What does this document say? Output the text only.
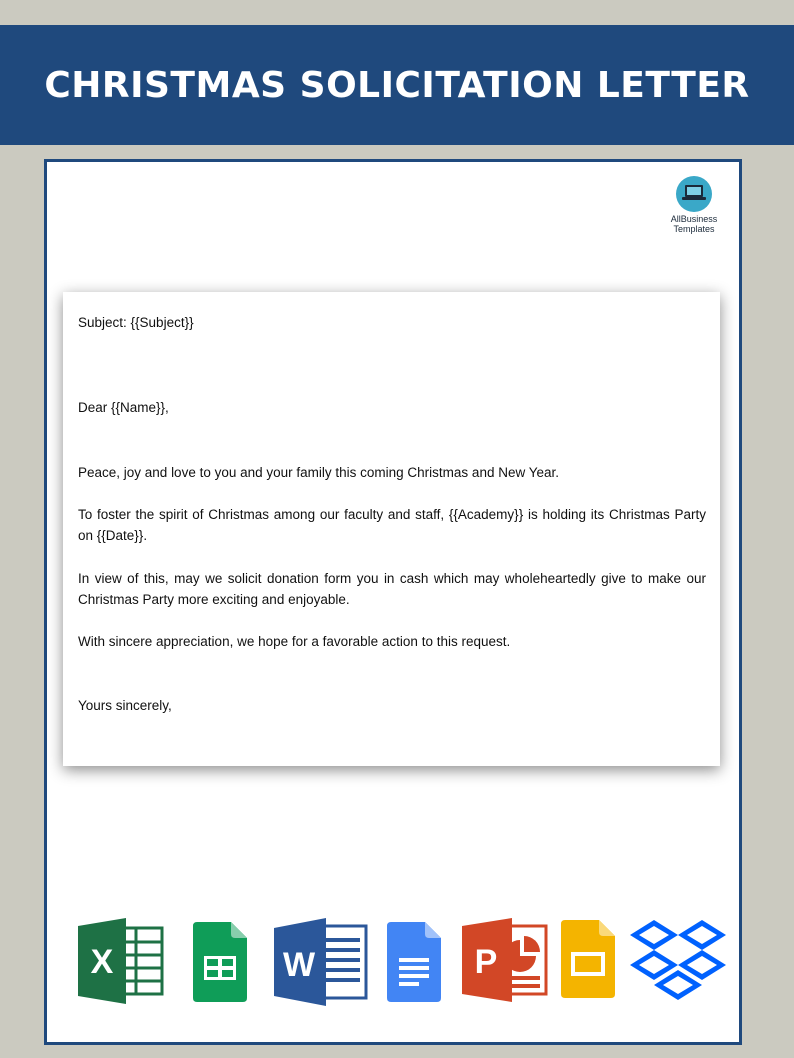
CHRISTMAS SOLICITATION LETTER
AllBusiness
Templates

Subject: {{Subject}}

Dear {{Name}},

Peace, joy and love to you and your family this coming Christmas and New Year.

To foster the spirit of Christmas among our faculty and staff, {{Academy}} is holding its Christmas Party on {{Date}}.

In view of this, may we solicit donation form you in cash which may wholeheartedly give to make our Christmas Party more exciting and enjoyable.

With sincere appreciation, we hope for a favorable action to this request.

Yours sincerely,

X	W	P
